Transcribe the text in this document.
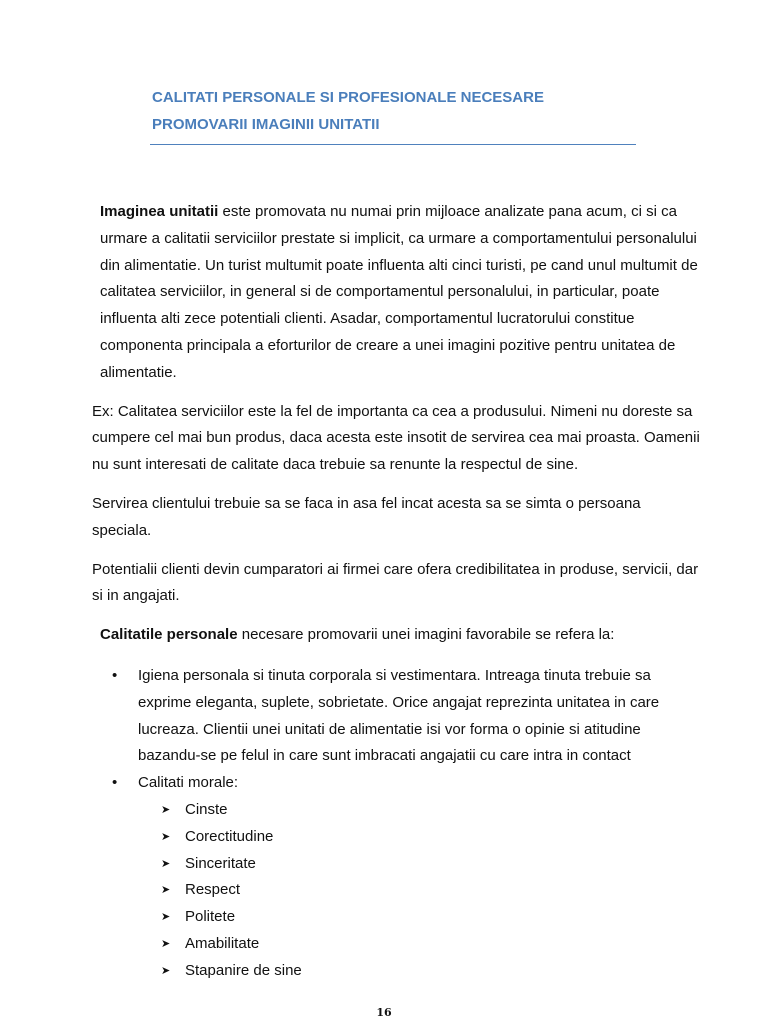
CALITATI PERSONALE SI PROFESIONALE NECESARE
PROMOVARII IMAGINII UNITATII

Imaginea unitatii este promovata nu numai prin mijloace analizate pana acum, ci si ca urmare a calitatii serviciilor prestate si implicit, ca urmare a comportamentului personalului din alimentatie. Un turist multumit poate influenta alti cinci turisti, pe cand unul multumit de calitatea serviciilor, in general si de comportamentul personalului, in particular, poate influenta alti zece potentiali clienti. Asadar, comportamentul lucratorului constitue componenta principala a eforturilor de creare a unei imagini pozitive pentru unitatea de alimentatie.

Ex: Calitatea serviciilor este la fel de importanta ca cea a produsului. Nimeni nu doreste sa cumpere cel mai bun produs, daca acesta este insotit de servirea cea mai proasta. Oamenii nu sunt interesati de calitate daca trebuie sa renunte la respectul de sine.

Servirea clientului trebuie sa se faca in asa fel incat acesta sa se simta o persoana speciala.

Potentialii clienti devin cumparatori ai firmei care ofera credibilitatea in produse, servicii, dar si in angajati.

Calitatile personale necesare promovarii unei imagini favorabile se refera la:

• Igiena personala si tinuta corporala si vestimentara. Intreaga tinuta trebuie sa exprime eleganta, suplete, sobrietate. Orice angajat reprezinta unitatea in care lucreaza. Clientii unei unitati de alimentatie isi vor forma o opinie si atitudine bazandu-se pe felul in care sunt imbracati angajatii cu care intra in contact
• Calitati morale:
➤ Cinste
➤ Corectitudine
➤ Sinceritate
➤ Respect
➤ Politete
➤ Amabilitate
➤ Stapanire de sine
16
